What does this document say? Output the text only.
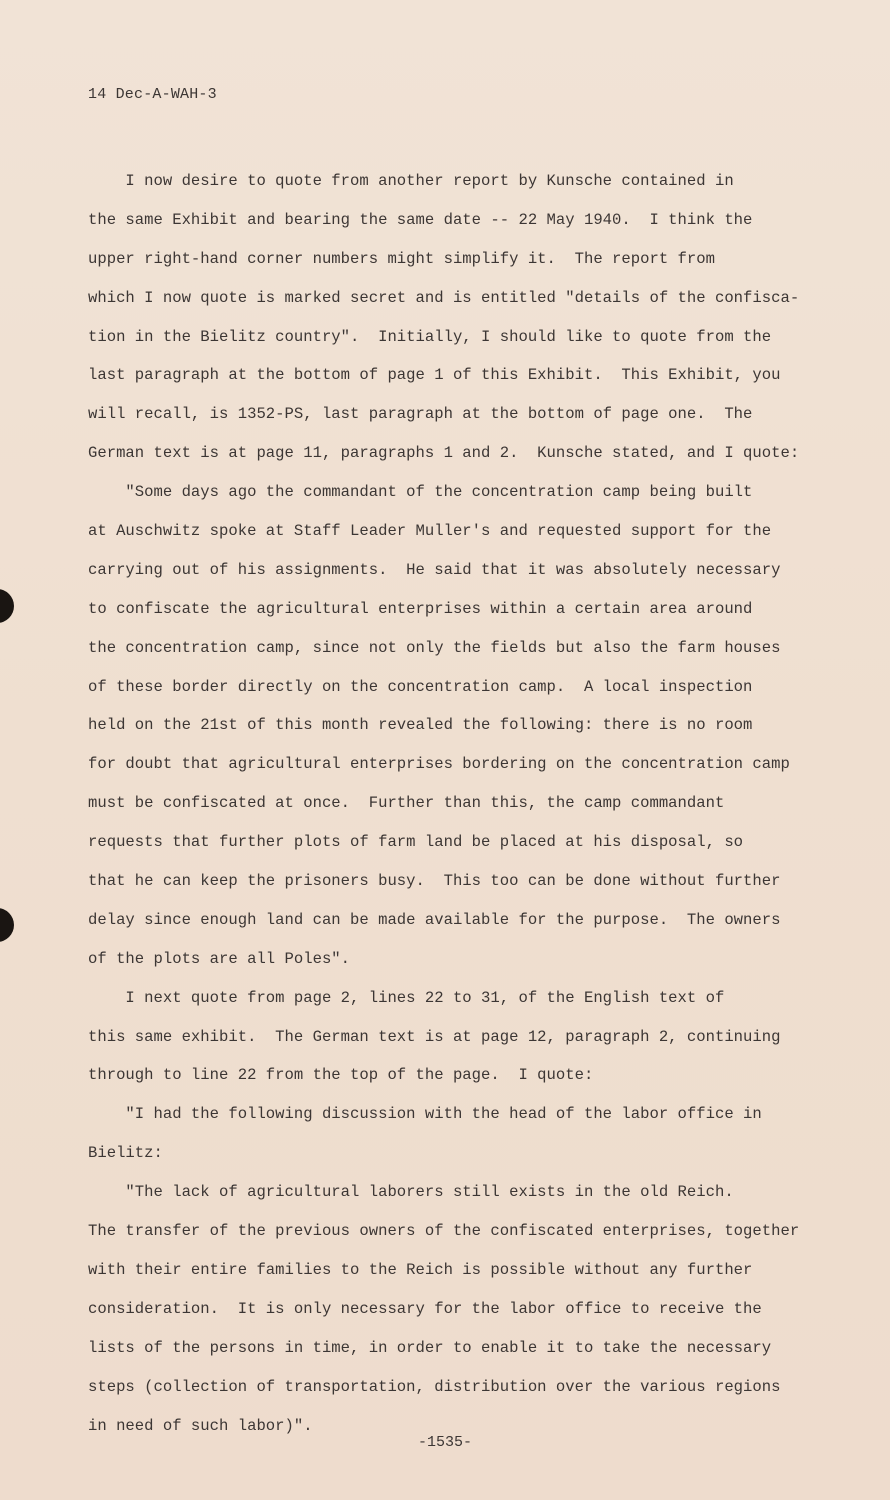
14 Dec-A-WAH-3
I now desire to quote from another report by Kunsche contained in
the same Exhibit and bearing the same date -- 22 May 1940.  I think the
upper right-hand corner numbers might simplify it.  The report from
which I now quote is marked secret and is entitled "details of the confisca-
tion in the Bielitz country".  Initially, I should like to quote from the
last paragraph at the bottom of page 1 of this Exhibit.  This Exhibit, you
will recall, is 1352-PS, last paragraph at the bottom of page one.  The
German text is at page 11, paragraphs 1 and 2.  Kunsche stated, and I quote:
"Some days ago the commandant of the concentration camp being built
at Auschwitz spoke at Staff Leader Muller's and requested support for the
carrying out of his assignments.  He said that it was absolutely necessary
to confiscate the agricultural enterprises within a certain area around
the concentration camp, since not only the fields but also the farm houses
of these border directly on the concentration camp.  A local inspection
held on the 21st of this month revealed the following: there is no room
for doubt that agricultural enterprises bordering on the concentration camp
must be confiscated at once.  Further than this, the camp commandant
requests that further plots of farm land be placed at his disposal, so
that he can keep the prisoners busy.  This too can be done without further
delay since enough land can be made available for the purpose.  The owners
of the plots are all Poles".
I next quote from page 2, lines 22 to 31, of the English text of
this same exhibit.  The German text is at page 12, paragraph 2, continuing
through to line 22 from the top of the page.  I quote:
"I had the following discussion with the head of the labor office in
Bielitz:
"The lack of agricultural laborers still exists in the old Reich.
The transfer of the previous owners of the confiscated enterprises, together
with their entire families to the Reich is possible without any further
consideration.  It is only necessary for the labor office to receive the
lists of the persons in time, in order to enable it to take the necessary
steps (collection of transportation, distribution over the various regions
in need of such labor)".
-1535-
